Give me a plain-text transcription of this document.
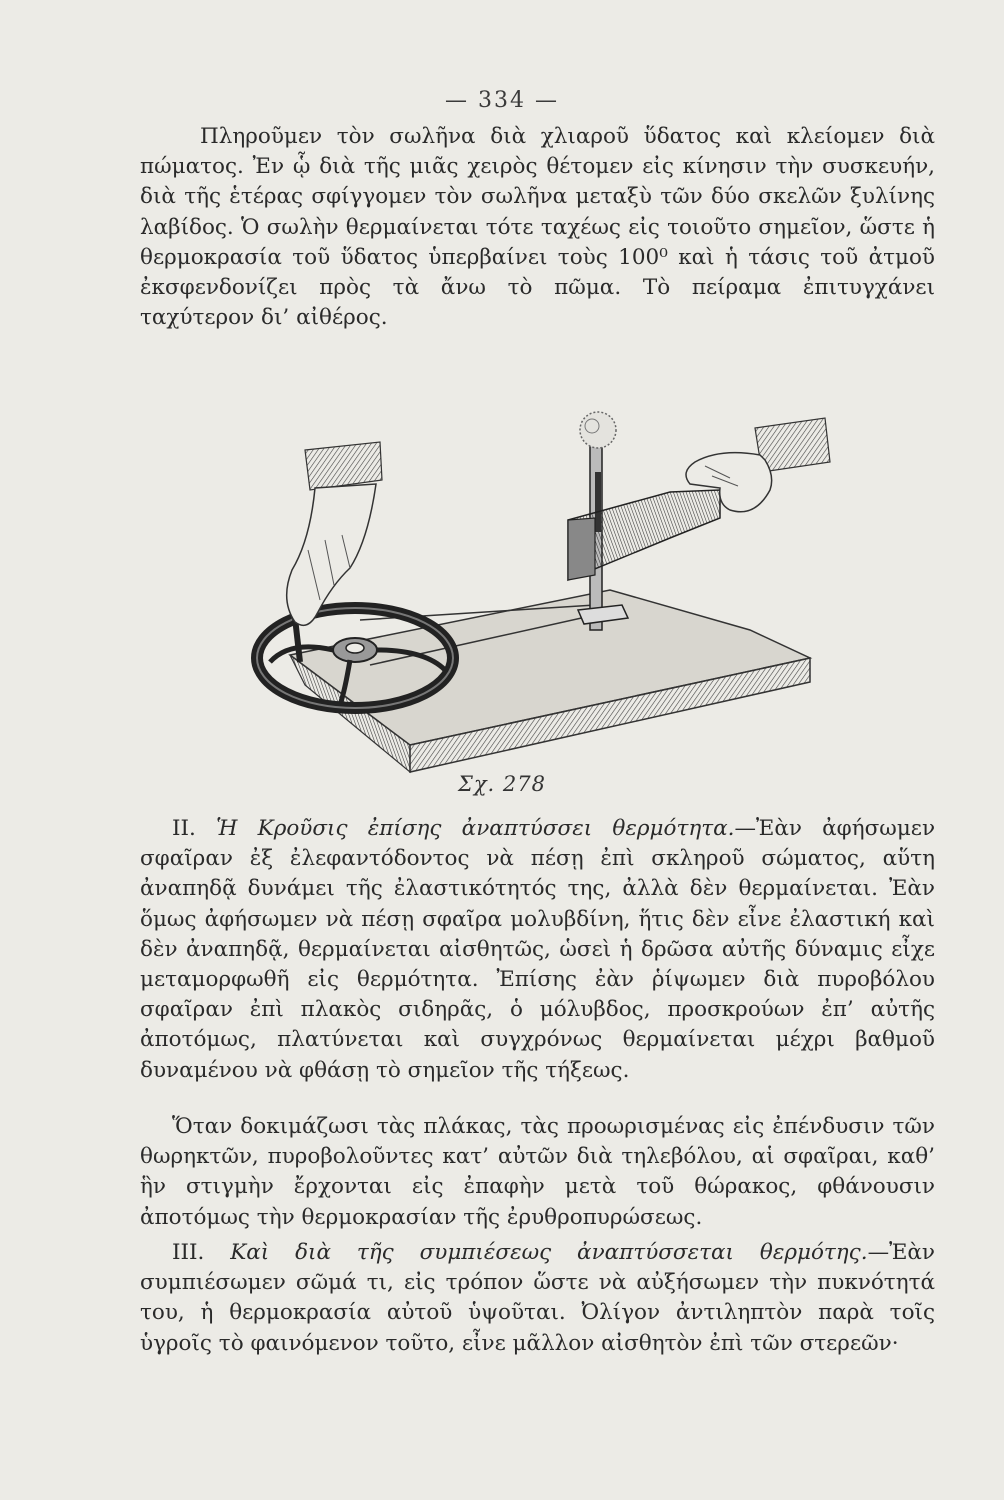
— 334 —

Πληροῦμεν τὸν σωλῆνα διὰ χλιαροῦ ὕδατος καὶ κλείομεν διὰ πώματος. Ἐν ᾧ διὰ τῆς μιᾶς χειρὸς θέτομεν εἰς κίνησιν τὴν συσκευήν, διὰ τῆς ἑτέρας σφίγγομεν τὸν σωλῆνα μεταξὺ τῶν δύο σκελῶν ξυλίνης λαβίδος. Ὁ σωλὴν θερμαίνεται τότε ταχέως εἰς τοιοῦτο σημεῖον, ὥστε ἡ θερμοκρασία τοῦ ὕδατος ὑπερβαίνει τοὺς 100⁰ καὶ ἡ τάσις τοῦ ἀτμοῦ ἐκσφενδονίζει πρὸς τὰ ἄνω τὸ πῶμα. Τὸ πείραμα ἐπιτυγχάνει ταχύτερον δι’ αἰθέρος.

Σχ. 278

II. Ἡ Κροῦσις ἐπίσης ἀναπτύσσει θερμότητα.—Ἐὰν ἀφήσωμεν σφαῖραν ἐξ ἐλεφαντόδοντος νὰ πέσῃ ἐπὶ σκληροῦ σώματος, αὕτη ἀναπηδᾷ δυνάμει τῆς ἐλαστικότητός της, ἀλλὰ δὲν θερμαίνεται. Ἐὰν ὅμως ἀφήσωμεν νὰ πέσῃ σφαῖρα μολυβδίνη, ἥτις δὲν εἶνε ἐλαστική καὶ δὲν ἀναπηδᾷ, θερμαίνεται αἰσθητῶς, ὡσεὶ ἡ δρῶσα αὐτῆς δύναμις εἶχε μεταμορφωθῆ εἰς θερμότητα. Ἐπίσης ἐὰν ῥίψωμεν διὰ πυροβόλου σφαῖραν ἐπὶ πλακὸς σιδηρᾶς, ὁ μόλυβδος, προσκρούων ἐπ’ αὐτῆς ἀποτόμως, πλατύνεται καὶ συγχρόνως θερμαίνεται μέχρι βαθμοῦ δυναμένου νὰ φθάσῃ τὸ σημεῖον τῆς τήξεως.

Ὅταν δοκιμάζωσι τὰς πλάκας, τὰς προωρισμένας εἰς ἐπένδυσιν τῶν θωρηκτῶν, πυροβολοῦντες κατ’ αὐτῶν διὰ τηλεβόλου, αἱ σφαῖραι, καθ’ ἣν στιγμὴν ἔρχονται εἰς ἐπαφὴν μετὰ τοῦ θώρακος, φθάνουσιν ἀποτόμως τὴν θερμοκρασίαν τῆς ἐρυθροπυρώσεως.

III. Καὶ διὰ τῆς συμπιέσεως ἀναπτύσσεται θερμότης.—Ἐὰν συμπιέσωμεν σῶμά τι, εἰς τρόπον ὥστε νὰ αὐξήσωμεν τὴν πυκνότητά του, ἡ θερμοκρασία αὐτοῦ ὑψοῦται. Ὀλίγον ἀντιληπτὸν παρὰ τοῖς ὑγροῖς τὸ φαινόμενον τοῦτο, εἶνε μᾶλλον αἰσθητὸν ἐπὶ τῶν στερεῶν·
